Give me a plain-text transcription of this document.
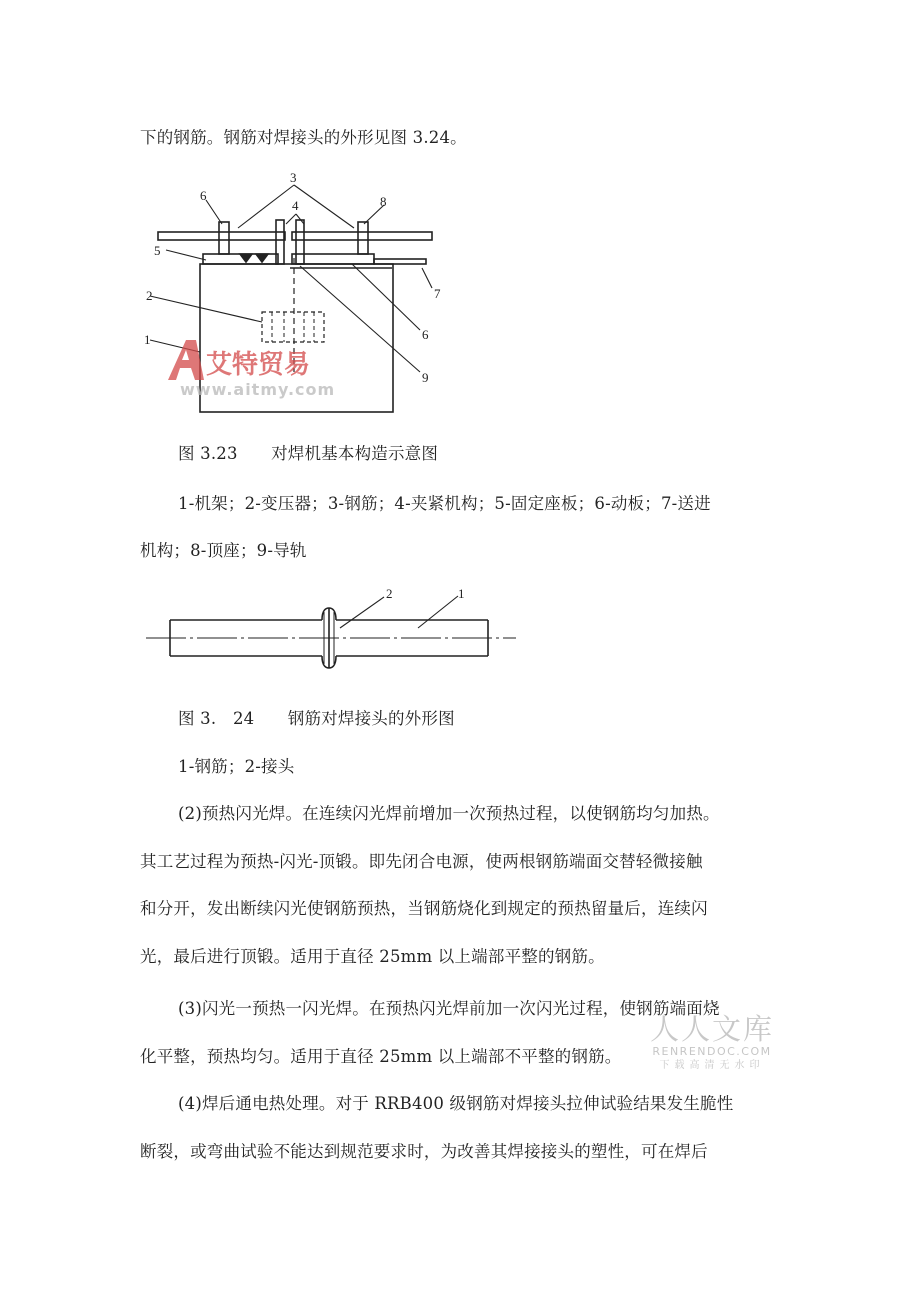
下的钢筋。钢筋对焊接头的外形见图 3.24。
1
2
3
4
5
6
7
8
6
9
艾特贸易
www.aitmy.com
图 3.23　　对焊机基本构造示意图
1-机架；2-变压器；3-钢筋；4-夹紧机构；5-固定座板；6-动板；7-送进
机构；8-顶座；9-导轨
2	1
图 3.　24　　钢筋对焊接头的外形图
1-钢筋；2-接头
(2)预热闪光焊。在连续闪光焊前增加一次预热过程，以使钢筋均匀加热。
其工艺过程为预热-闪光-顶锻。即先闭合电源，使两根钢筋端面交替轻微接触
和分开，发出断续闪光使钢筋预热，当钢筋烧化到规定的预热留量后，连续闪
光，最后进行顶锻。适用于直径 25mm 以上端部平整的钢筋。
(3)闪光一预热一闪光焊。在预热闪光焊前加一次闪光过程，使钢筋端面烧
化平整，预热均匀。适用于直径 25mm 以上端部不平整的钢筋。
(4)焊后通电热处理。对于 RRB400 级钢筋对焊接头拉伸试验结果发生脆性
断裂，或弯曲试验不能达到规范要求时，为改善其焊接接头的塑性，可在焊后
人人文库
RENRENDOC.COM
下载高清无水印
